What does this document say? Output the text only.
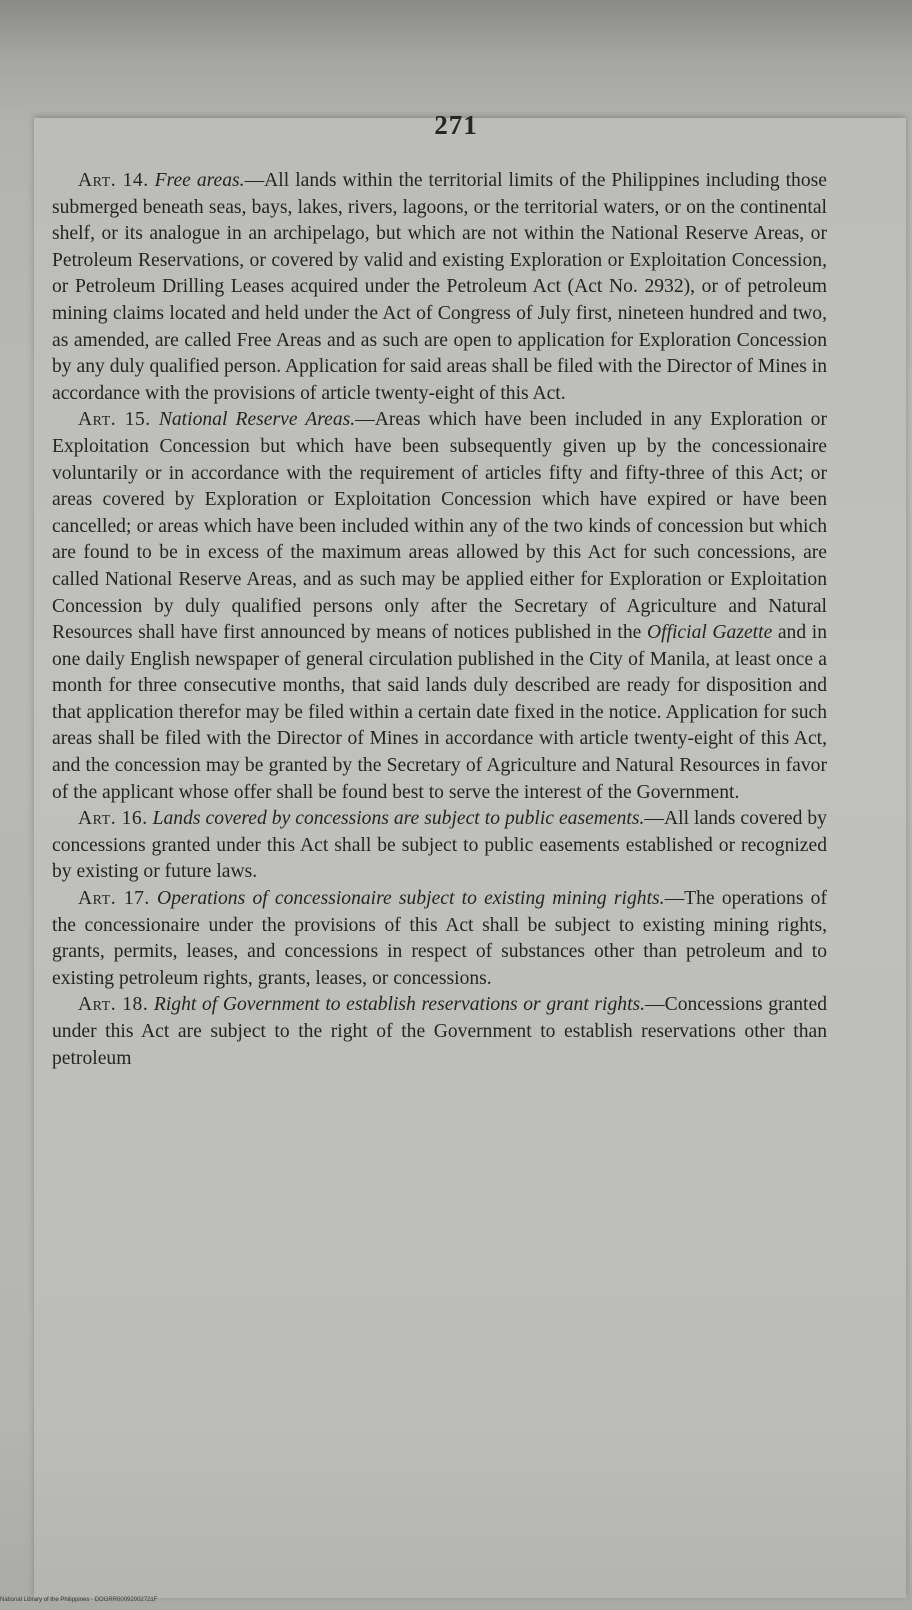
271

Art. 14. Free areas.—All lands within the territorial limits of the Philippines including those submerged beneath seas, bays, lakes, rivers, lagoons, or the territorial waters, or on the continental shelf, or its analogue in an archipelago, but which are not within the National Reserve Areas, or Petroleum Reservations, or covered by valid and existing Exploration or Exploitation Concession, or Petroleum Drilling Leases acquired under the Petroleum Act (Act No. 2932), or of petroleum mining claims located and held under the Act of Congress of July first, nineteen hundred and two, as amended, are called Free Areas and as such are open to application for Exploration Concession by any duly qualified person. Application for said areas shall be filed with the Director of Mines in accordance with the provisions of article twenty-eight of this Act.

Art. 15. National Reserve Areas.—Areas which have been included in any Exploration or Exploitation Concession but which have been subsequently given up by the concessionaire voluntarily or in accordance with the requirement of articles fifty and fifty-three of this Act; or areas covered by Exploration or Exploitation Concession which have expired or have been cancelled; or areas which have been included within any of the two kinds of concession but which are found to be in excess of the maximum areas allowed by this Act for such concessions, are called National Reserve Areas, and as such may be applied either for Exploration or Exploitation Concession by duly qualified persons only after the Secretary of Agriculture and Natural Resources shall have first announced by means of notices published in the Official Gazette and in one daily English newspaper of general circulation published in the City of Manila, at least once a month for three consecutive months, that said lands duly described are ready for disposition and that application therefor may be filed within a certain date fixed in the notice. Application for such areas shall be filed with the Director of Mines in accordance with article twenty-eight of this Act, and the concession may be granted by the Secretary of Agriculture and Natural Resources in favor of the applicant whose offer shall be found best to serve the interest of the Government.

Art. 16. Lands covered by concessions are subject to public easements.—All lands covered by concessions granted under this Act shall be subject to public easements established or recognized by existing or future laws.

Art. 17. Operations of concessionaire subject to existing mining rights.—The operations of the concessionaire under the provisions of this Act shall be subject to existing mining rights, grants, permits, leases, and concessions in respect of substances other than petroleum and to existing petroleum rights, grants, leases, or concessions.

Art. 18. Right of Government to establish reservations or grant rights.—Concessions granted under this Act are subject to the right of the Government to establish reservations other than petroleum

National Library of the Philippines · DOGRR00092002721F
